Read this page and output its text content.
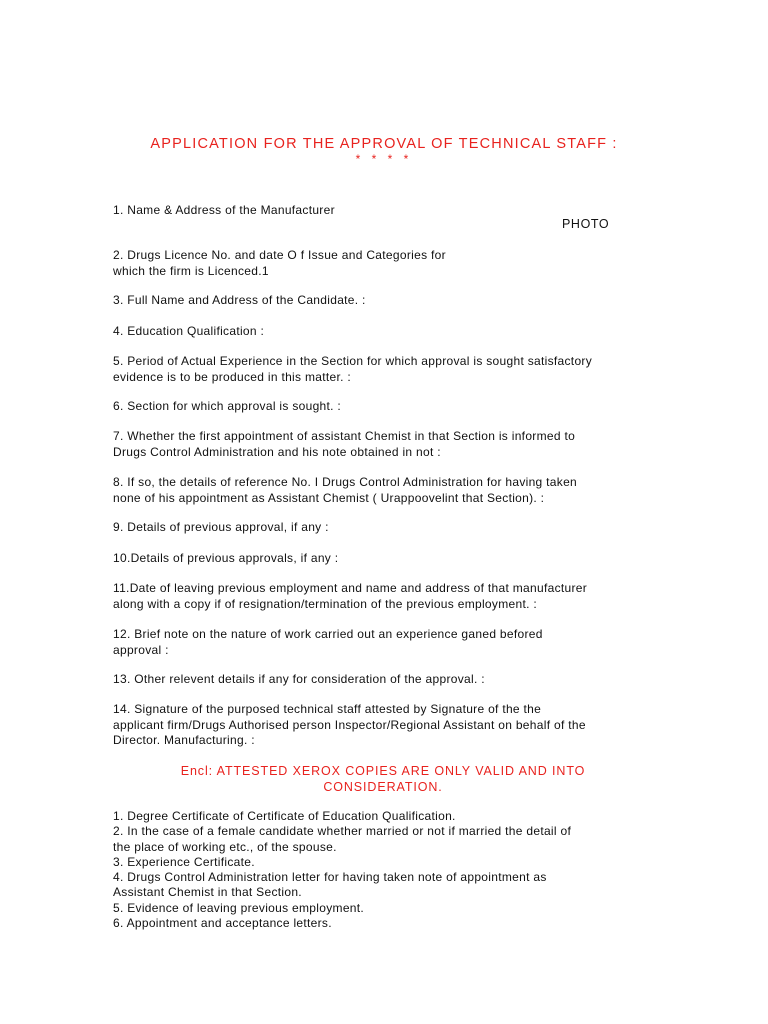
APPLICATION FOR THE APPROVAL OF TECHNICAL STAFF :
* * * *
PHOTO
1. Name & Address of the Manufacturer
2. Drugs Licence No. and date O f Issue and Categories for
which the firm is Licenced.1
3. Full Name and Address of the Candidate. :
4. Education Qualification :
5. Period of Actual Experience in the Section for which approval is sought satisfactory
evidence is to be produced in this matter. :
6. Section for which approval is sought. :
7. Whether the first appointment of assistant Chemist in that Section is informed to
Drugs Control Administration and his note obtained in not :
8. If so, the details of reference No. I Drugs Control Administration for having taken
none of his appointment as Assistant Chemist ( Urappoovelint that Section). :
9. Details of previous approval, if any :
10.Details of previous approvals, if any :
11.Date of leaving previous employment and name and address of that manufacturer
along with a copy if of resignation/termination of the previous employment. :
12. Brief note on the nature of work carried out an experience ganed befored
approval :
13. Other relevent details if any for consideration of the approval. :
14. Signature of the purposed technical staff attested by Signature of the the
applicant firm/Drugs Authorised person Inspector/Regional Assistant on behalf of the
Director. Manufacturing. :
Encl: ATTESTED XEROX COPIES ARE ONLY VALID AND INTO
CONSIDERATION.
1. Degree Certificate of Certificate of Education Qualification.
2. In the case of a female candidate whether married or not if married the detail of
the place of working etc., of the spouse.
3. Experience Certificate.
4. Drugs Control Administration letter for having taken note of appointment as
Assistant Chemist in that Section.
5. Evidence of leaving previous employment.
6. Appointment and acceptance letters.
